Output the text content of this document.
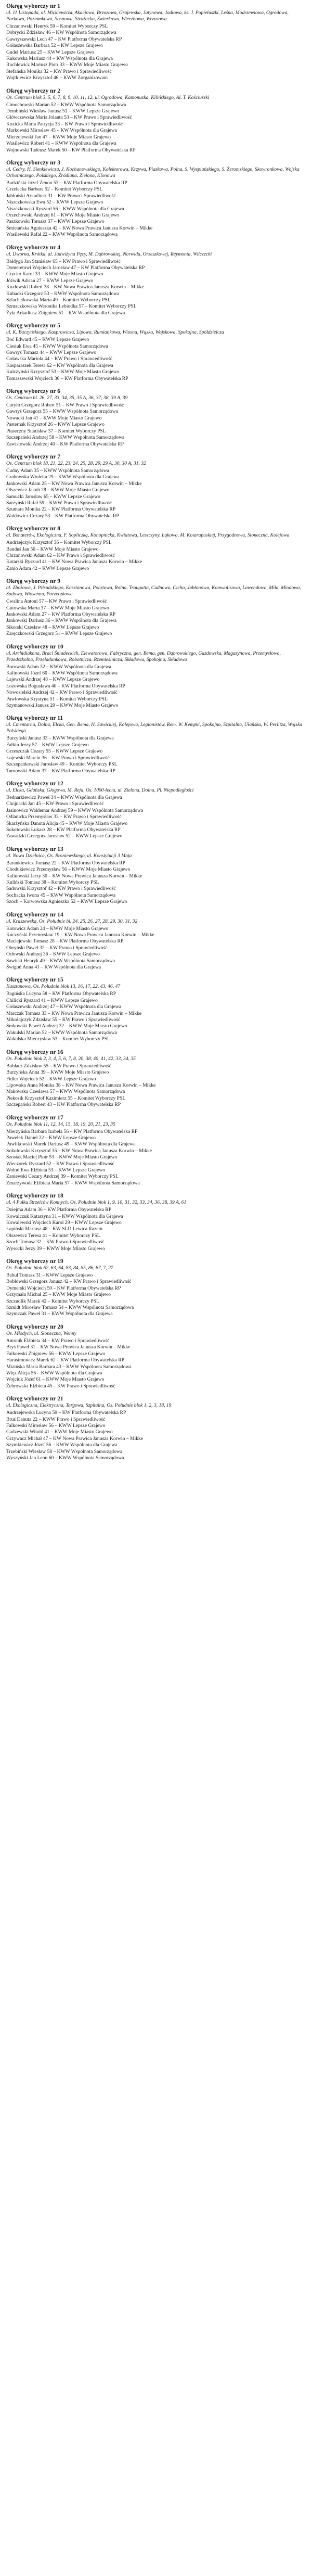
Okręg wyborczy nr 1

ul. 11 Listopada, al. Mickiewicza, Akacjowa, Brzozowa, Grajewska, Jatynowa, Jodłowa, ks. J. Popiełuszki, Leśna, Modrzewiowa, Ogrodowa, Parkowa, Poziomkowa, Sosnowa, Strażacka, Świerkowa, Wierzbowa, Wrzosowa

Chrzanowski Henryk 59 – Komitet Wyborczy PSL
Dobrycki Zdzisław 46 – KW Wspólnota Samorządowa
Gawryszewski Lech 47 – KW Platforma Obywatelska RP
Gołaszewska Barbara 52 – KW Lepsze Grajewo
Gudel Mariusz 25 – KWW Lepsze Grajewo
Kukowska Mariusz 44 – KW Wspólnota dla Grajewa
Ruchlewicz Mariusz Piotr 33 – KWW Moje Miasto Grajewo
Stefańska Monika 32 – KW Prawo i Sprawiedliwość
Wojtkiewicz Krzysztof 46 – KWW Zorganizowani
Okręg wyborczy nr 2

Os. Centrum blok 3, 5, 6, 7, 8, 9, 10, 11, 12, ul. Ogrodowa, Kamonuska, Kilińskiego, Al. T. Kościuszki

Cimochowski Marian 52 – KWW Wspólnota Samorządowa
Dembiński Wiesław Janusz 51 – KWW Lepsze Grajewo
Główczewska Maria Jolanta 53 – KW Prawo i Sprawiedliwość
Kozicka Maria Patrycja 33 – KW Prawo i Sprawiedliwość
Markowski Mirosław 45 – KW Wspólnota dla Grajewa
Mierzejewski Jan 47 – KWW Moje Miasto Grajewo
Wasilewicz Robert 41 – KWW Wspólnota dla Grajewa
Wojnowski Tadeusz Marek 50 – KW Platforma Obywatelska RP
Okręg wyborczy nr 3

ul. Cedry, H. Sienkiewicza, J. Kochanowskiego, Kolektorowa, Krzywa, Piaskowa, Polna, S. Wyspiańskiego, S. Żeromskiego, Skowronkowa, Wojska Ochotniczego, Polskiego, Źródlana, Zielona, Klonowa

Budziński Józef Zenon 53 – KW Platforma Obywatelska RP
Grzelecka Barbara 52 – Komitet Wyborczy PSL
Jabłoński Arkadiusz 31 – KW Prawo i Sprawiedliwość
Niszczkowska Ewa 52 – KWW Lepsze Grajewo
Niszczkowski Ryszard 56 – KWW Wspólnota dla Grajewa
Orzechowski Andrzej 61 – KWW Moje Miasto Grajewo
Paszkowski Tomasz 37 – KWW Lepsze Grajewo
Śmietańska Agnieszka 42 – KW Nowa Prawica Janusza Korwin – Mikke
Wasilewski Rafał 22 – KWW Wspólnota Samorządowa
Okręg wyborczy nr 4

ul. Dworna, Krótka, al. Jadwiżyna Pęcy, M. Dąbrowskiej, Norwida, Orzeszkowej, Reymonta, Wilczecki

Bałdyga Jan Stanisław 65 – KW Prawo i Sprawiedliwość
Domeretowi Wojciech Jarosław 47 – KW Platforma Obywatelska RP
Grycko Karol 33 – KWW Moje Miasto Grajewo
Jóźwik Adrian 27 – KWW Lepsze Grajewo
Kozłowski Robert 38 – KW Nowa Prawica Janusza Korwin – Mikke
Kubacki Grzegorz 53 – KWW Wspólnota Samorządowa
Szlachetkowska Marta 49 – Komitet Wyborczy PSL
Szmaczkowska Weronika Lebiodka 57 – Komitet Wyborczy PSL
Żyła Arkadiusz Zbigniew 51 – KW Wspólnota dla Grajewa
Okręg wyborczy nr 5

ul. K. Baczyńskiego, Kasprowicza, Lipowa, Rumiankowa, Wiosna, Wąska, Wojskowa, Spokojna, Spółdzielcza

Boć Edward 45 – KWW Lepsze Grajewo
Ciesiuk Ewa 45 – KWW Wspólnota Samorządowa
Gawryś Tomasz 44 – KWW Lepsze Grajewo
Goławska Mariola 44 – KW Prawo i Sprawiedliwość
Kasparaszek Teresa 62 – KW Wspólnota dla Grajewa
Kulczyński Krzysztof 53 – KWW Moje Miasto Grajewo
Tomaszewski Wojciech 36 – KW Platforma Obywatelska RP
Okręg wyborczy nr 6

Os. Centrum bl. 26, 27, 33, 34, 35, 35 A, 36, 37, 38, 39 A, 39

Curyło Grzegorz Robert 51 – KW Prawo i Sprawiedliwość
Gawryś Grzegorz 55 – KWW Wspólnota Samorządowa
Nowacki Jan 41 – KWW Moje Miasto Grajewo
Pasternak Krzysztof 26 – KWW Lepsze Grajewo
Piaseczny Stanisław 37 – Komitet Wyborczy PSL
Szczepański Andrzej 58 – KWW Wspólnota Samorządowa
Zawistowski Andrzej 40 – KW Platforma Obywatelska RP
Okręg wyborczy nr 7

Os. Centrum blok 18, 21, 22, 23, 24, 25, 28, 29, 29 A, 30, 30 A, 31, 32

Cudny Adam 35 – KWW Wspólnota Samorządowa
Grabowska Wioletta 29 – KWW Wspólnota dla Grajewa
Jankowski Adam 25 – KW Nowa Prawica Janusza Korwin – Mikke
Olszewicz Jakub 28 – KWW Moje Miasto Grajewo
Samucki Jarosław 65 – KWW Lepsze Grajewo
Sarzyński Rafał 59 – KWW Prawo i Sprawiedliwość
Szumara Monika 22 – KW Platforma Obywatelska RP
Waldowicz Cezary 53 – KW Platforma Obywatelska RP
Okręg wyborczy nr 8

al. Bohaterów, Ekologiczna, F. Sopliczką, Konopnicka, Kwiatowa, Leszczyny, Łąkowa, M. Kotarapuskiej, Przygodnowa, Słoneczna, Kolejowa

Andrzejczyk Krzysztof 36 – Komitet Wyborczy PSL
Banduś Jan 50 – KWW Moje Miasto Grajewo
Chrzanowski Adam 62 – KW Prawo i Sprawiedliwość
Kotarski Ryszard 41 – KW Nowa Prawica Janusza Korwin – Mikke
Zanio Adam 42 – KWW Lepsze Grajewo
Okręg wyborczy nr 9

al. Zbożowa, J. Piłsudskiego, Kasztanowa, Pocztowa, Rolna, Traugutta, Cudnowa, Cicha, Jabłonowa, Komwalisowa, Lawendowa, Miła, Miodowa, Sadowa, Wiosenna, Porzeczkowe

Ćwalina Antoni 57 – KW Prawo i Sprawiedliwość
Gutowska Marta 37 – KWW Moje Miasto Grajewo
Jankowski Adam 27 – KW Platforma Obywatelska RP
Jankowski Dariusz 36 – KWW Wspólnota dla Grajewa
Sikorski Czesław 48 – KWW Lepsze Grajewo
Zaręczkowski Grzegorz 51 – KWW Lepsze Grajewo
Okręg wyborczy nr 10

ul. Archidiakona, Braci Śniadeckich, Elewatorowa, Fabryczna, gen. Bema, gen. Dąbrowskiego, Gazdowska, Magazynowa, Przemysłowa, Przedszkolna, Przeładunkowa, Robotnicza, Rzemieślnicza, Składowa, Spokojna, Składowa

Borowski Adam 32 – KWW Wspólnota dla Grajewa
Kalinowski Józef 60 – KWW Wspólnota Samorządowa
Łajewski Andrzej 48 – KWW Lepsze Grajewo
Łozowska Bogusława 40 – KW Platforma Obywatelska RP
Nowosielski Andrzej 42 – KW Prawo i Sprawiedliwość
Pawłowska Krystyna 51 – Komitet Wyborczy PSL
Szymanowski Janusz 29 – KWW Moje Miasto Grajewo
Okręg wyborczy nr 11

ul. Cmentarna, Dolna, Ełcka, Gen. Bema, H. Sawickiej, Kolejowa, Legionistów, Rem. W. Kempki, Spokojna, Szpitalna, Ułańska, W. Perlitza, Wojska Polskiego

Burzyński Janusz 33 – KWW Wspólnota dla Grajewa
Fałkin Jerzy 57 – KWW Lepsze Grajewo
Grzeszczak Cezary 55 – KWW Lepsze Grajewo
Łojewski Marcin 36 – KW Prawo i Sprawiedliwość
Szczepankowski Jarosław 49 – Komitet Wyborczy PSL
Tarnowski Adam 37 – KW Platforma Obywatelska RP
Okręg wyborczy nr 12

ul. Ełcka, Gdańska, Głogowa, M. Reja, Os. 1000-lecia, ul. Zielona, Dolna, Pl. Niepodległości

Bednarkiewicz Paweł 34 – KWW Wspólnota dla Grajewa
Chojnacki Jan 45 – KW Prawo i Sprawiedliwość
Jasinowicz Waldemar Andrzej 59 – KWW Wspólnota Samorządowa
Odlanicka Przemysław 33 – KW Prawo i Sprawiedliwość
Skarżyńska Danuta Alicja 45 – KWW Moje Miasto Grajewo
Sokołowski Łukasz 28 – KW Platforma Obywatelska RP
Zawadzki Grzegorz Jarosław 52 – KWW Lepsze Grajewo
Okręg wyborczy nr 13

ul. Nowa Dzielnica, Os. Broniewskiego, al. Konstytucji 3 Maja

Barankiewicz Tomasz 22 – KW Platforma Obywatelska RP
Chodukiewicz Przemysław 56 – KWW Moje Miasto Grajewo
Kalinowski Jerzy 30 – KW Nowa Prawica Janusza Korwin – Mikke
Kuliński Tomasz 38 – Komitet Wyborczy PSL
Sadowski Krzysztof 42 – KW Prawo i Sprawiedliwość
Sochacka Iwona 45 – KWW Wspólnota Samorządowa
Szoch – Karwowska Agnieszka 52 – KWW Lepsze Grajewo
Okręg wyborczy nr 14

ul. Kraszewska, Os. Południe bl. 24, 25, 26, 27, 28, 29, 30, 31, 32

Kotowicz Adam 24 – KWW Moje Miasto Grajewo
Kuczyński Przemysław 19 – KW Nowa Prawica Janusza Korwin – Mikke
Maciejewski Tomasz 28 – KW Platforma Obywatelska RP
Obryński Paweł 32 – KW Prawo i Sprawiedliwość
Orłowski Andrzej 36 – KWW Lepsze Grajewo
Sawicki Henryk 49 – KWW Wspólnota Samorządowa
Świgoń Anna 41 – KW Wspólnota dla Grajewa
Okręg wyborczy nr 15

Kasztanowa, Os. Południe blok 13, 16, 17, 22, 43, 46, 47

Bagińska Lucyna 58 – KW Platforma Obywatelska RP
Chilicki Ryszard 41 – KWW Lepsze Grajewo
Gołaszewski Andrzej 47 – KWW Wspólnota dla Grajewa
Marczak Tomasz 33 – KW Nowa Prawica Janusza Korwin – Mikke
Mikołajczyk Zdzisław 55 – KW Prawo i Sprawiedliwość
Smkowski Paweł Andrzej 32 – KWW Moje Miasto Grajewo
Wakulski Marian 52 – KWW Wspólnota Samorządowa
Wakulska Mieczysław 53 – Komitet Wyborczy PSL
Okręg wyborczy nr 16

Os. Południe blok 2, 3, 4, 5, 6, 7, 8, 20, 38, 40, 41, 42, 33, 34, 35

Bobłacz Zdzisław 55 – KW Prawo i Sprawiedliwość
Burzyńska Anna 39 – KWW Moje Miasto Grajewo
Fidler Wojciech 52 – KWW Lepsze Grajewo
Lipowska Anna Monika 38 – KW Nowa Prawica Janusza Korwin – Mikke
Makowska Czesława 57 – KWW Wspólnota Samorządowa
Piekosik Krzysztof Kazimierz 55 – Komitet Wyborczy PSL
Szczepański Robert 43 – KW Platforma Obywatelska RP
Okręg wyborczy nr 17

Os. Południe blok 11, 12, 14, 15, 18, 19, 20, 21, 23, 35

Mierzyńska Barbara Izabela 56 – KW Platforma Obywatelska RP
Pawełek Daniel 22 – KWW Lepsze Grajewo
Pawlikowski Marek Dariusz 49 – KWW Wspólnota dla Grajewa
Sokołowski Krzysztof 35 – KW Nowa Prawica Janusza Korwin – Mikke
Szostak Maciej Piotr 53 – KWW Moje Miasto Grajewo
Wieczorek Ryszard 52 – KW Prawo i Sprawiedliwość
Wołod Ewa Elżbieta 53 – KWW Lepsze Grajewo
Zaniewski Cezary Andrzej 39 – Komitet Wyborczy PSL
Zmarzywoda Elżbieta Maria 57 – KWW Wspólnota Samorządowa
Okręg wyborczy nr 18

ul. 4 Pułku Strzelców Konnych, Os. Południe blok 1, 9, 10, 31, 32, 33, 34, 36, 38, 39 A, 61

Dziejma Adam 36 – KW Platforma Obywatelska RP
Kowalczuk Katarzyna 31 – KWW Wspólnota dla Grajewa
Kowalewski Wojciech Karol 29 – KWW Lepsze Grajewo
Łapiński Mariusz 48 – KW SLD Lewica Razem
Olszewicz Teresa 41 – Komitet Wyborczy PSL
Szoch Tomasz 32 – KW Prawo i Sprawiedliwość
Wysocki Jerzy 39 – KWW Moje Miasto Grajewo
Okręg wyborczy nr 19

Os. Południe blok 62, 63, 64, 83, 84, 85, 86, 87, 7, 27

Babul Tomasz 31 – KWW Lepsze Grajewo
Bobłowski Grzegorz Janusz 42 – KW Prawo i Sprawiedliwość
Dymerski Wojciech 50 – KW Platforma Obywatelska RP
Grzymała Michał 25 – KWW Moje Miasto Grajewo
Szczudlik Marek 42 – Komitet Wyborczy PSL
Szmidt Mirosław Tomasz 54 – KWW Wspólnota Samorządowa
Szymczak Paweł 31 – KWW Wspólnota dla Grajewa
Okręg wyborczy nr 20

Os. Młodych, ul. Słoneczna, Wenny

Antonik Elżbieta 34 – KW Prawo i Sprawiedliwość
Bryś Paweł 31 – KW Nowa Prawica Janusza Korwin – Mikke
Falkowski Zbigniew 56 – KWW Lepsze Grajewo
Harasimowicz Marek 62 – KW Platforma Obywatelska RP
Mizińska Maria Barbara 43 – KWW Wspólnota Samorządowa
Więz Alicja 56 – KWW Wspólnota dla Grajewa
Wojciuk Józef 61 – KWW Moje Miasto Grajewo
Żebrowska Elżbieta 45 – KW Prawo i Sprawiedliwość
Okręg wyborczy nr 21

ul. Ekologiczna, Elektryczna, Targowa, Szpitalna, Os. Południe blok 1, 2, 3, 18, 19

Andrzejewska Lucyna 59 – KW Platforma Obywatelska RP
Bruś Danuta 22 – KWW Prawo i Sprawiedliwość
Falkowski Mirosław 56 – KWW Lepsze Grajewo
Gadzewski Witold 41 – KWW Moje Miasto Grajewo
Grzywacz Michał 47 – KW Nowa Prawica Janusza Korwin – Mikke
Szymkiewicz Józef 56 – KWW Wspólnota dla Grajewa
Trzebiński Wiesław 58 – KWW Wspólnota Samorządowa
Wyszyński Jan Leon 60 – KWW Wspólnota Samorządowa
